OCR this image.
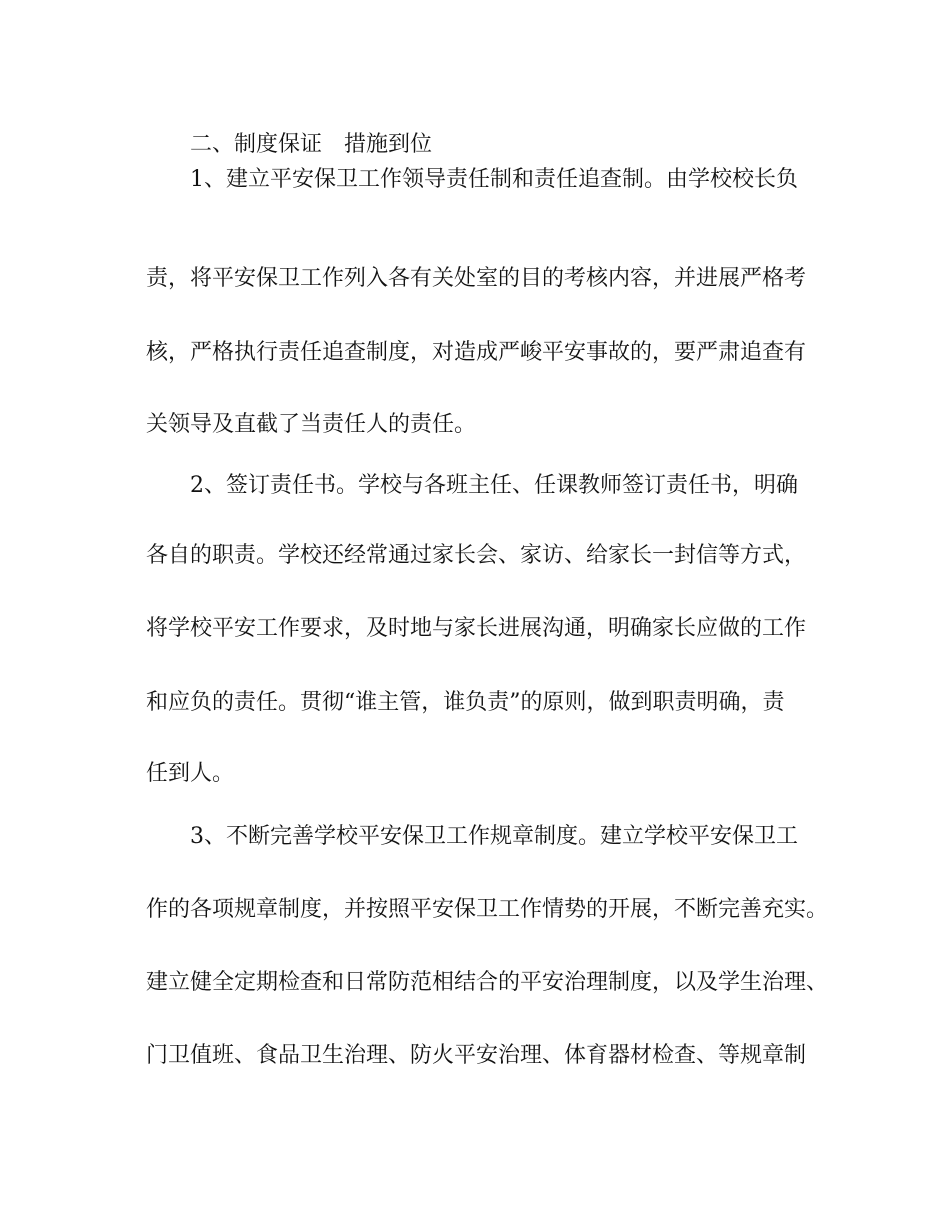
二、制度保证　措施到位
1、建立平安保卫工作领导责任制和责任追查制。由学校校长负
责，将平安保卫工作列入各有关处室的目的考核内容，并进展严格考
核，严格执行责任追查制度，对造成严峻平安事故的，要严肃追查有
关领导及直截了当责任人的责任。
2、签订责任书。学校与各班主任、任课教师签订责任书，明确
各自的职责。学校还经常通过家长会、家访、给家长一封信等方式，
将学校平安工作要求，及时地与家长进展沟通，明确家长应做的工作
和应负的责任。贯彻“谁主管，谁负责”的原则，做到职责明确，责
任到人。
3、不断完善学校平安保卫工作规章制度。建立学校平安保卫工
作的各项规章制度，并按照平安保卫工作情势的开展，不断完善充实。
建立健全定期检查和日常防范相结合的平安治理制度，以及学生治理、
门卫值班、食品卫生治理、防火平安治理、体育器材检查、等规章制
